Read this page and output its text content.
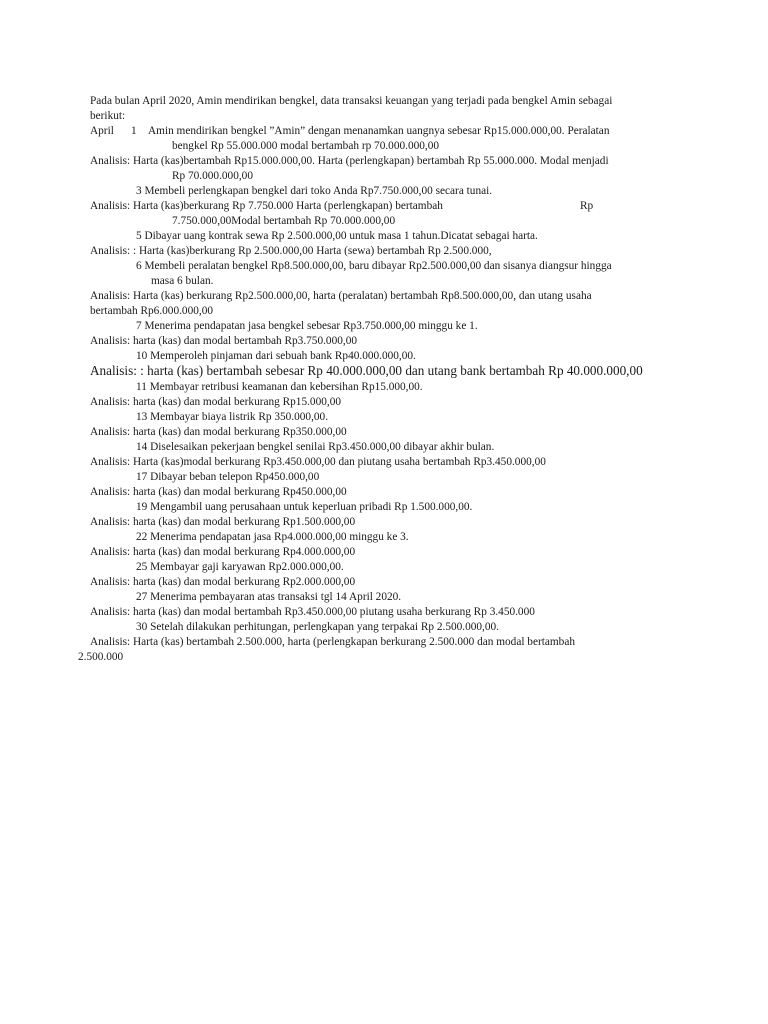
Pada bulan April 2020, Amin mendirikan bengkel, data transaksi keuangan yang terjadi pada bengkel Amin sebagai
berikut:
April 1 Amin mendirikan bengkel ”Amin” dengan menanamkan uangnya sebesar Rp15.000.000,00. Peralatan
bengkel Rp 55.000.000 modal bertambah rp 70.000.000,00
Analisis: Harta (kas)bertambah Rp15.000.000,00. Harta (perlengkapan) bertambah Rp 55.000.000. Modal menjadi
Rp 70.000.000,00
3 Membeli perlengkapan bengkel dari toko Anda Rp7.750.000,00 secara tunai.
Analisis: Harta (kas)berkurang Rp 7.750.000 Harta (perlengkapan) bertambah	Rp
7.750.000,00Modal bertambah Rp 70.000.000,00
5 Dibayar uang kontrak sewa Rp 2.500.000,00 untuk masa 1 tahun.Dicatat sebagai harta.
Analisis: : Harta (kas)berkurang Rp 2.500.000,00 Harta (sewa) bertambah Rp 2.500.000,
6 Membeli peralatan bengkel Rp8.500.000,00, baru dibayar Rp2.500.000,00 dan sisanya diangsur hingga
masa 6 bulan.
Analisis: Harta (kas) berkurang Rp2.500.000,00, harta (peralatan) bertambah Rp8.500.000,00, dan utang usaha
bertambah Rp6.000.000,00
7 Menerima pendapatan jasa bengkel sebesar Rp3.750.000,00 minggu ke 1.
Analisis: harta (kas) dan modal bertambah Rp3.750.000,00
10 Memperoleh pinjaman dari sebuah bank Rp40.000.000,00.
Analisis: : harta (kas) bertambah sebesar Rp 40.000.000,00 dan utang bank bertambah Rp 40.000.000,00
11 Membayar retribusi keamanan dan kebersihan Rp15.000,00.
Analisis: harta (kas) dan modal berkurang Rp15.000,00
13 Membayar biaya listrik Rp 350.000,00.
Analisis: harta (kas) dan modal berkurang Rp350.000,00
14 Diselesaikan pekerjaan bengkel senilai Rp3.450.000,00 dibayar akhir bulan.
Analisis: Harta (kas)modal berkurang Rp3.450.000,00 dan piutang usaha bertambah Rp3.450.000,00
17 Dibayar beban telepon Rp450.000,00
Analisis: harta (kas) dan modal berkurang Rp450.000,00
19 Mengambil uang perusahaan untuk keperluan pribadi Rp 1.500.000,00.
Analisis: harta (kas) dan modal berkurang Rp1.500.000,00
22 Menerima pendapatan jasa Rp4.000.000,00 minggu ke 3.
Analisis: harta (kas) dan modal berkurang Rp4.000.000,00
25 Membayar gaji karyawan Rp2.000.000,00.
Analisis: harta (kas) dan modal berkurang Rp2.000.000,00
27 Menerima pembayaran atas transaksi tgl 14 April 2020.
Analisis: harta (kas) dan modal bertambah Rp3.450.000,00 piutang usaha berkurang Rp 3.450.000
30 Setelah dilakukan perhitungan, perlengkapan yang terpakai Rp 2.500.000,00.
Analisis: Harta (kas) bertambah 2.500.000, harta (perlengkapan berkurang 2.500.000 dan modal bertambah
2.500.000
